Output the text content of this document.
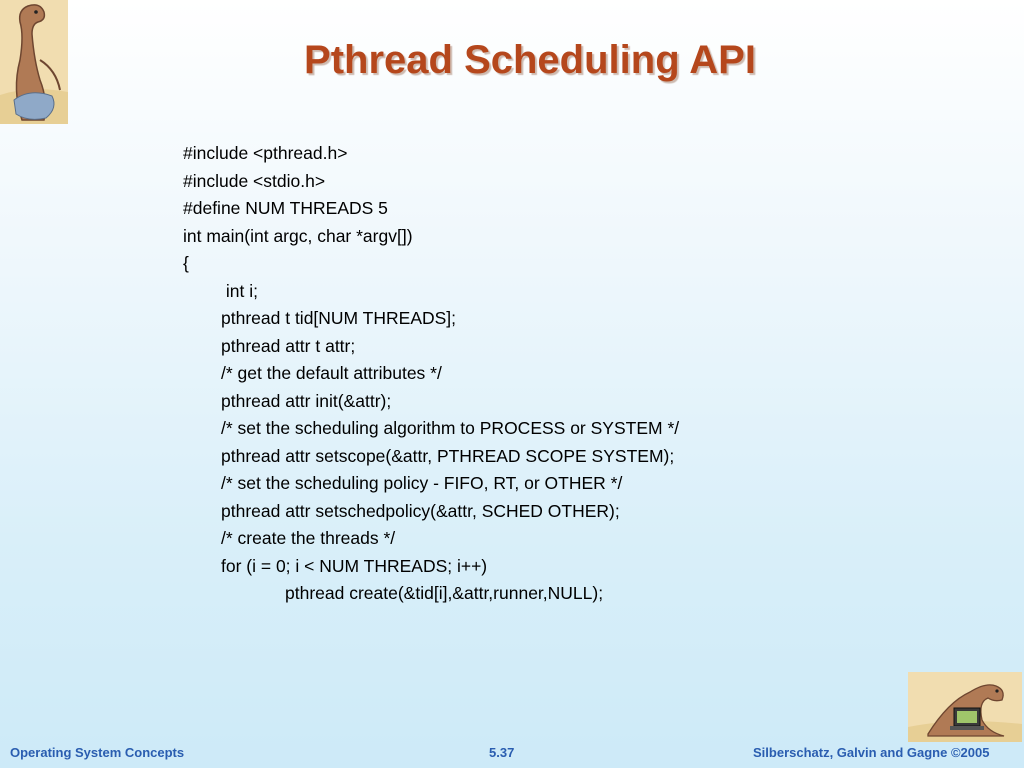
Pthread Scheduling API
#include <pthread.h>
#include <stdio.h>
#define NUM THREADS 5
int main(int argc, char *argv[])
{
int i;
pthread t tid[NUM THREADS];
pthread attr t attr;
/* get the default attributes */
pthread attr init(&attr);
/* set the scheduling algorithm to PROCESS or SYSTEM */
pthread attr setscope(&attr, PTHREAD SCOPE SYSTEM);
/* set the scheduling policy - FIFO, RT, or OTHER */
pthread attr setschedpolicy(&attr, SCHED OTHER);
/* create the threads */
for (i = 0; i < NUM THREADS; i++)
pthread create(&tid[i],&attr,runner,NULL);
Operating System Concepts	5.37	Silberschatz, Galvin and Gagne ©2005
